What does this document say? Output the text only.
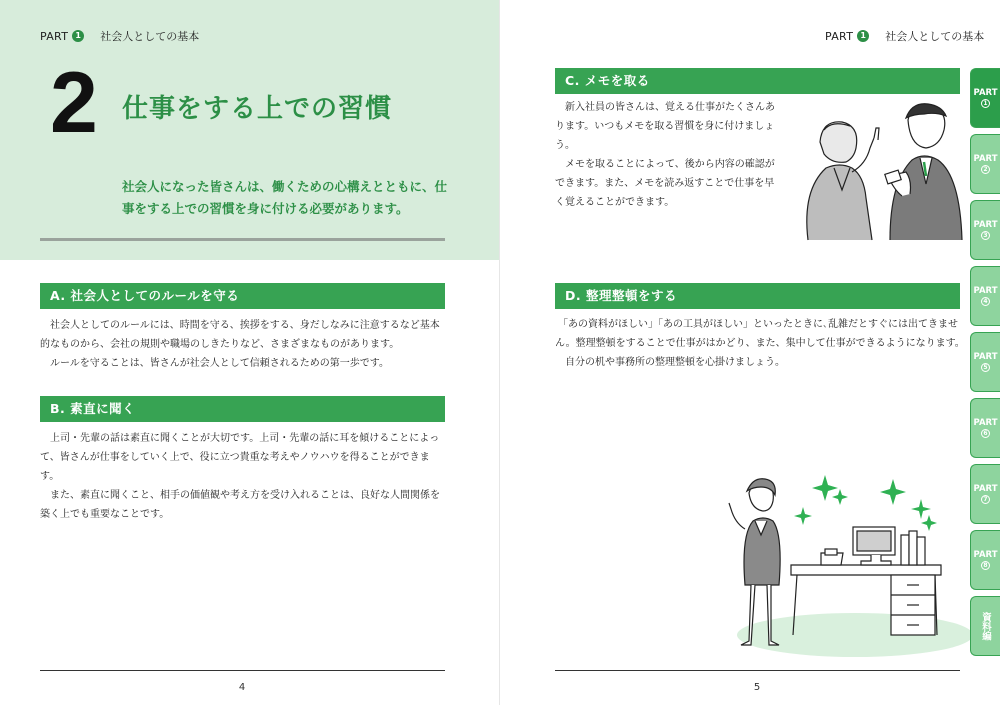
PART 1 社会人としての基本
2 仕事をする上での習慣
社会人になった皆さんは、働くための心構えとともに、仕事をする上での習慣を身に付ける必要があります。
A. 社会人としてのルールを守る

社会人としてのルールには、時間を守る、挨拶をする、身だしなみに注意するなど基本的なものから、会社の規則や職場のしきたりなど、さまざまなものがあります。

ルールを守ることは、皆さんが社会人として信頼されるための第一歩です。

B. 素直に聞く

上司・先輩の話は素直に聞くことが大切です。上司・先輩の話に耳を傾けることによって、皆さんが仕事をしていく上で、役に立つ貴重な考えやノウハウを得ることができます。

また、素直に聞くこと、相手の価値観や考え方を受け入れることは、良好な人間関係を築く上でも重要なことです。

4
PART 1 社会人としての基本
C. メモを取る

新入社員の皆さんは、覚える仕事がたくさんあります。いつもメモを取る習慣を身に付けましょう。

メモを取ることによって、後から内容の確認ができます。また、メモを読み返すことで仕事を早く覚えることができます。

D. 整理整頓をする

「あの資料がほしい」「あの工具がほしい」といったときに､乱雑だとすぐには出てきません。整理整頓をすることで仕事がはかどり、また、集中して仕事ができるようになります。

自分の机や事務所の整理整頓を心掛けましょう。

5
PART
1
PART
2
PART
3
PART
4
PART
5
PART
6
PART
7
PART
8
資料編
